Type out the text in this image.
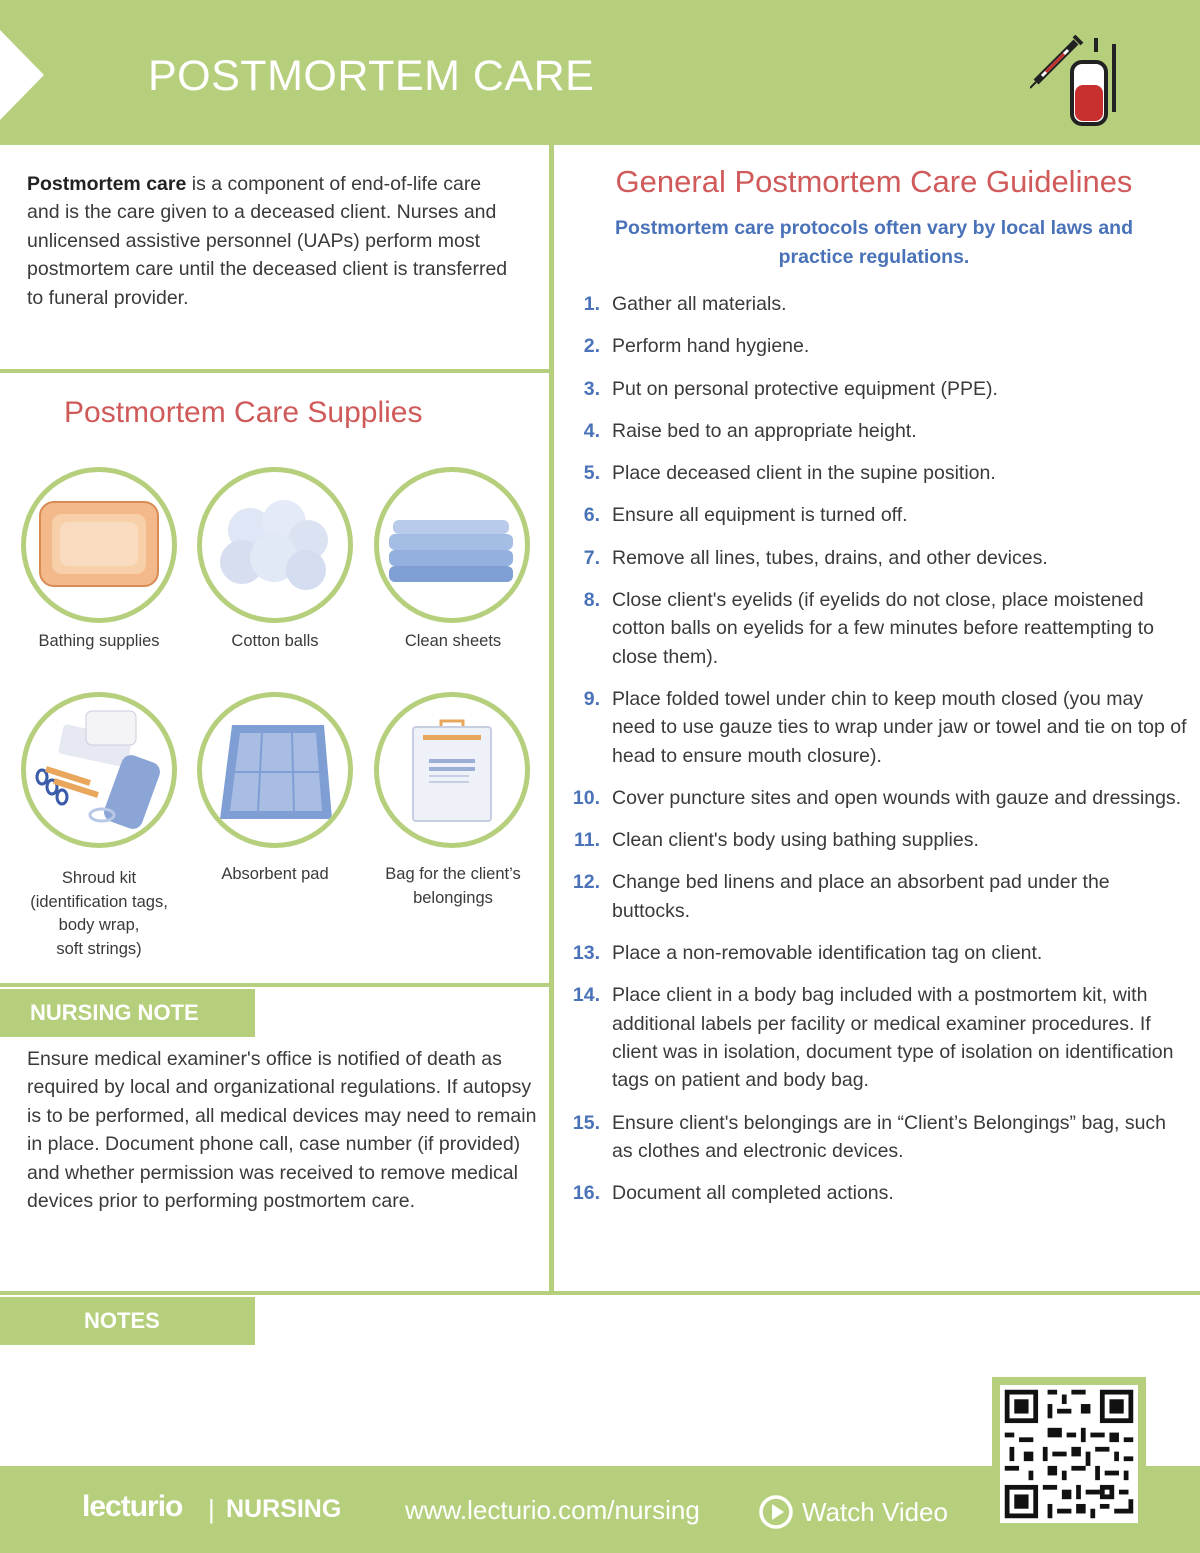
POSTMORTEM CARE
Postmortem care is a component of end-of-life care and is the care given to a deceased client. Nurses and unlicensed assistive personnel (UAPs) perform most postmortem care until the deceased client is transferred to funeral provider.
Postmortem Care Supplies
Bathing supplies	Cotton balls	Clean sheets
Shroud kit
(identification tags,
body wrap,
soft strings)
Absorbent pad	Bag for the client’s
belongings
NURSING NOTE
Ensure medical examiner's office is notified of death as required by local and organizational regulations. If autopsy is to be performed, all medical devices may need to remain in place. Document phone call, case number (if provided) and whether permission was received to remove medical devices prior to performing postmortem care.
NOTES
General Postmortem Care Guidelines
Postmortem care protocols often vary by local laws and practice regulations.
1. Gather all materials.
2. Perform hand hygiene.
3. Put on personal protective equipment (PPE).
4. Raise bed to an appropriate height.
5. Place deceased client in the supine position.
6. Ensure all equipment is turned off.
7. Remove all lines, tubes, drains, and other devices.
8. Close client's eyelids (if eyelids do not close, place moistened cotton balls on eyelids for a few minutes before reattempting to close them).
9. Place folded towel under chin to keep mouth closed (you may need to use gauze ties to wrap under jaw or towel and tie on top of head to ensure mouth closure).
10. Cover puncture sites and open wounds with gauze and dressings.
11. Clean client's body using bathing supplies.
12. Change bed linens and place an absorbent pad under the buttocks.
13. Place a non-removable identification tag on client.
14. Place client in a body bag included with a postmortem kit, with additional labels per facility or medical examiner procedures. If client was in isolation, document type of isolation on identification tags on patient and body bag.
15. Ensure client's belongings are in “Client’s Belongings” bag, such as clothes and electronic devices.
16. Document all completed actions.
lecturio | NURSING www.lecturio.com/nursing	Watch Video
